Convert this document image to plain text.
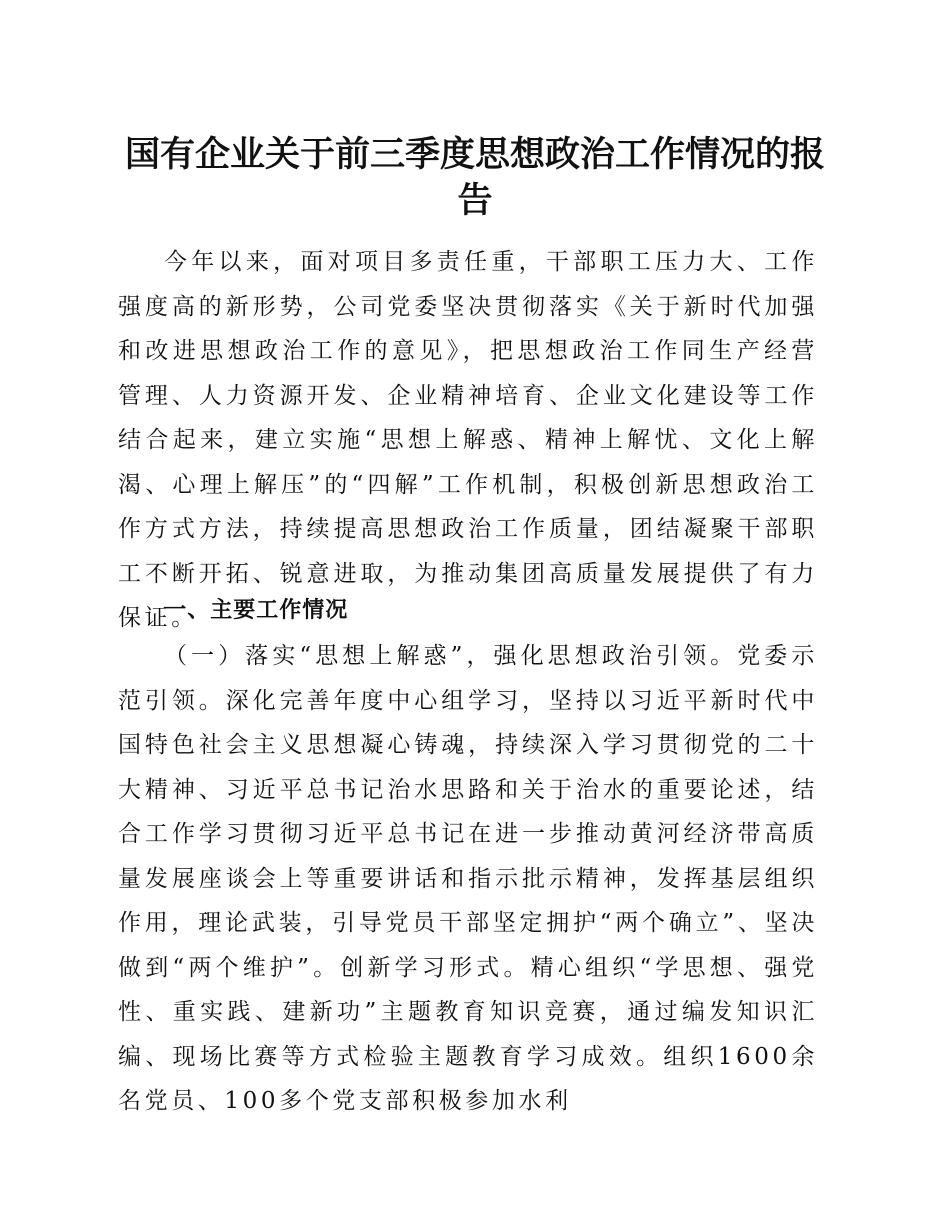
国有企业关于前三季度思想政治工作情况的报告

今年以来，面对项目多责任重，干部职工压力大、工作强度高的新形势，公司党委坚决贯彻落实《关于新时代加强和改进思想政治工作的意见》，把思想政治工作同生产经营管理、人力资源开发、企业精神培育、企业文化建设等工作结合起来，建立实施“思想上解惑、精神上解忧、文化上解渴、心理上解压”的“四解”工作机制，积极创新思想政治工作方式方法，持续提高思想政治工作质量，团结凝聚干部职工不断开拓、锐意进取，为推动集团高质量发展提供了有力保证。

一、主要工作情况

（一）落实“思想上解惑”，强化思想政治引领。党委示范引领。深化完善年度中心组学习，坚持以习近平新时代中国特色社会主义思想凝心铸魂，持续深入学习贯彻党的二十大精神、习近平总书记治水思路和关于治水的重要论述，结合工作学习贯彻习近平总书记在进一步推动黄河经济带高质量发展座谈会上等重要讲话和指示批示精神，发挥基层组织作用，理论武装，引导党员干部坚定拥护“两个确立”、坚决做到“两个维护”。创新学习形式。精心组织“学思想、强党性、重实践、建新功”主题教育知识竞赛，通过编发知识汇编、现场比赛等方式检验主题教育学习成效。组织1600余名党员、100多个党支部积极参加水利
